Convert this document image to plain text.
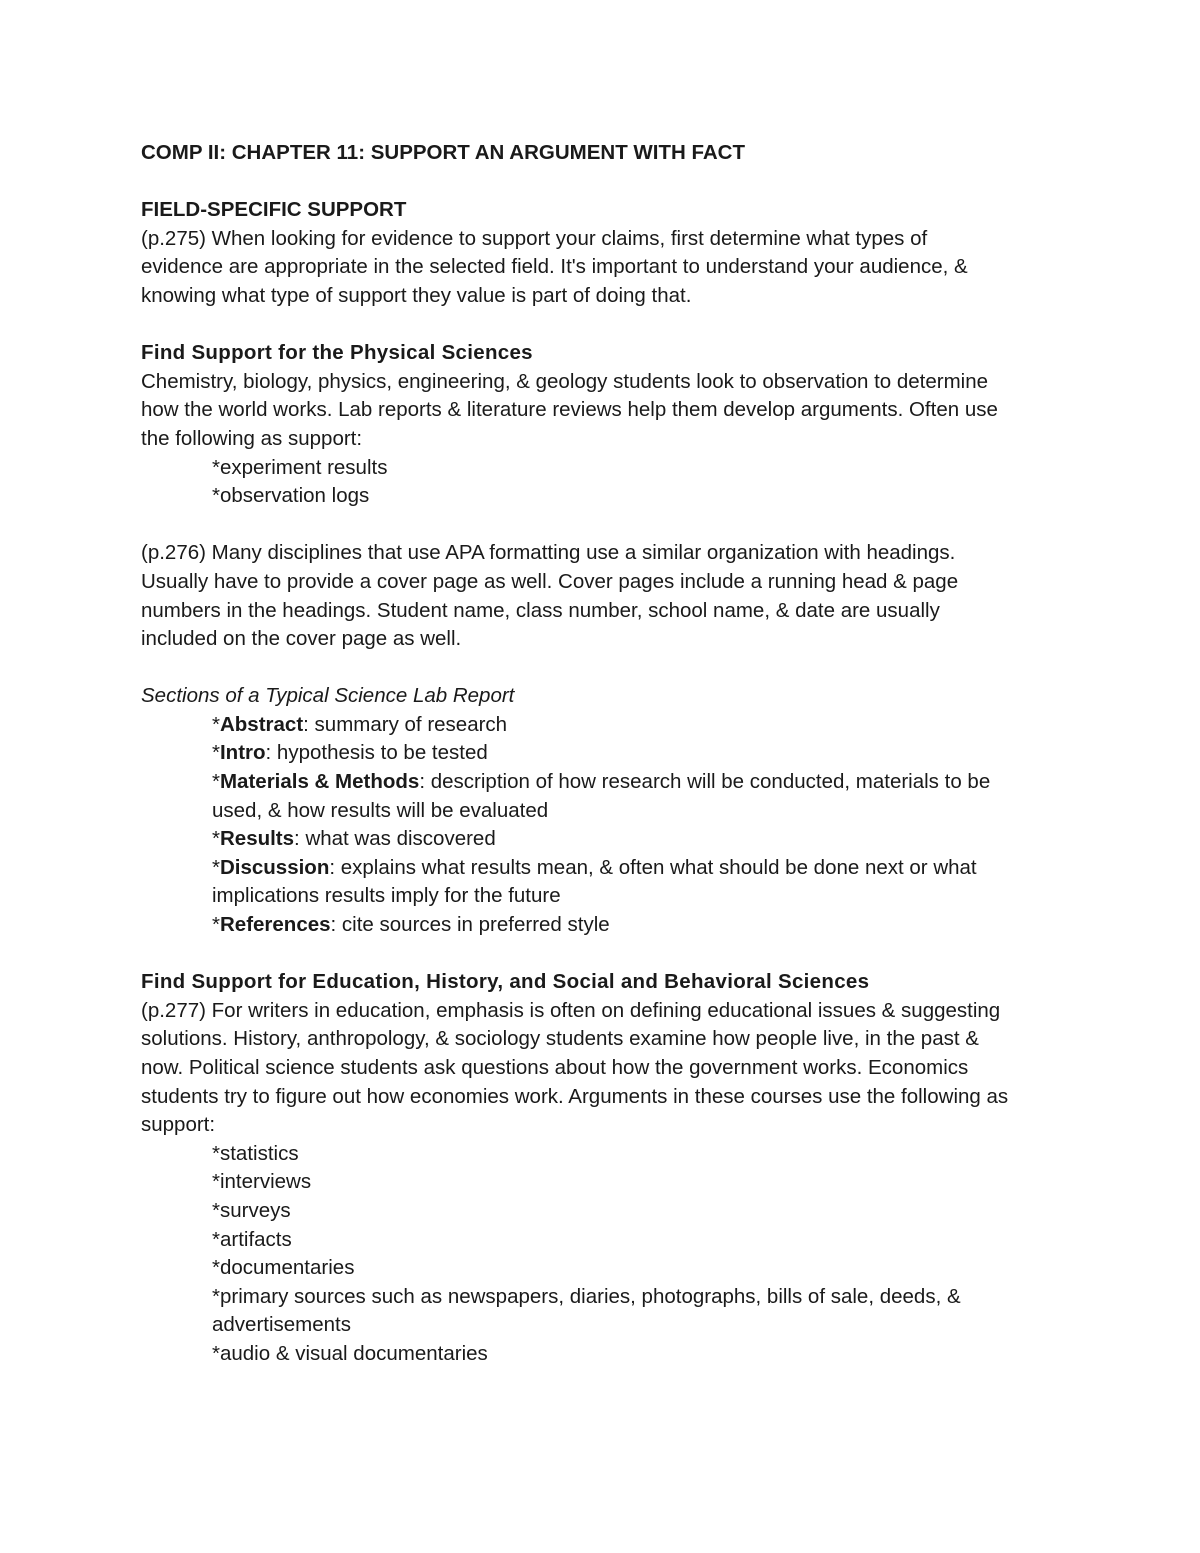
COMP II: CHAPTER 11: SUPPORT AN ARGUMENT WITH FACT
FIELD-SPECIFIC SUPPORT
(p.275) When looking for evidence to support your claims, first determine what types of
evidence are appropriate in the selected field. It's important to understand your audience, &
knowing what type of support they value is part of doing that.
Find Support for the Physical Sciences
Chemistry, biology, physics, engineering, & geology students look to observation to determine
how the world works. Lab reports & literature reviews help them develop arguments. Often use
the following as support:
*experiment results
*observation logs
(p.276) Many disciplines that use APA formatting use a similar organization with headings.
Usually have to provide a cover page as well. Cover pages include a running head & page
numbers in the headings. Student name, class number, school name, & date are usually
included on the cover page as well.
Sections of a Typical Science Lab Report
*Abstract: summary of research
*Intro: hypothesis to be tested
*Materials & Methods: description of how research will be conducted, materials to be
used, & how results will be evaluated
*Results: what was discovered
*Discussion: explains what results mean, & often what should be done next or what
implications results imply for the future
*References: cite sources in preferred style
Find Support for Education, History, and Social and Behavioral Sciences
(p.277) For writers in education, emphasis is often on defining educational issues & suggesting
solutions. History, anthropology, & sociology students examine how people live, in the past &
now. Political science students ask questions about how the government works. Economics
students try to figure out how economies work. Arguments in these courses use the following as
support:
*statistics
*interviews
*surveys
*artifacts
*documentaries
*primary sources such as newspapers, diaries, photographs, bills of sale, deeds, &
advertisements
*audio & visual documentaries
